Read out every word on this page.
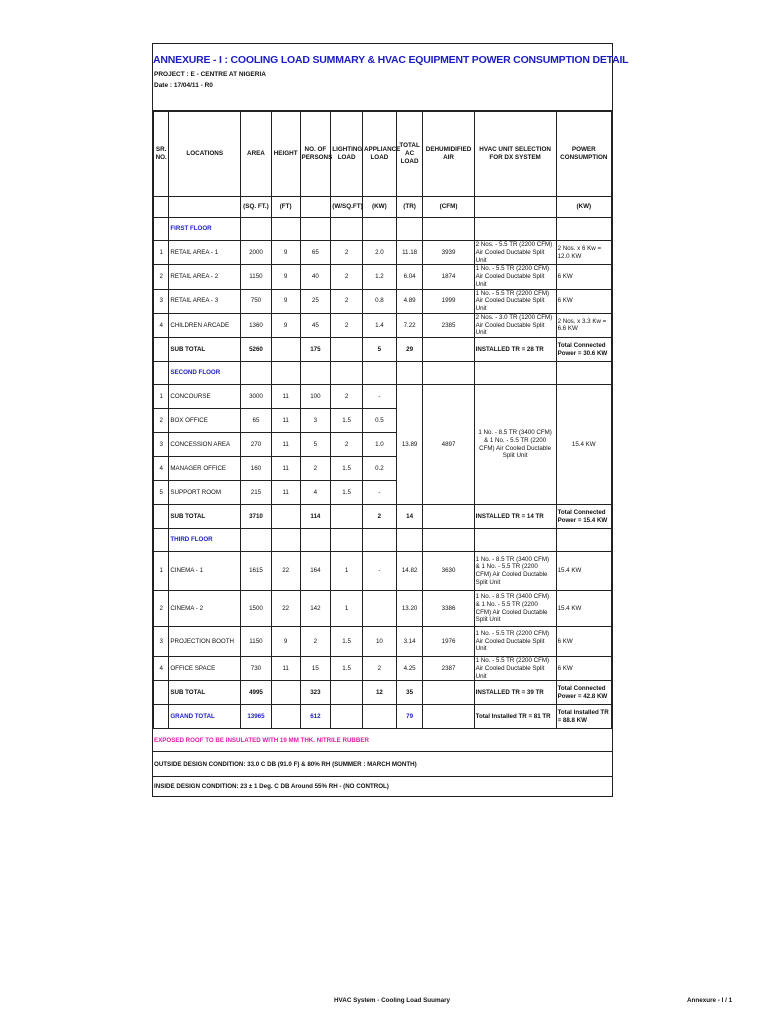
ANNEXURE - I : COOLING LOAD SUMMARY & HVAC EQUIPMENT POWER CONSUMPTION DETAIL
PROJECT : E - CENTRE AT NIGERIA
Date : 17/04/11 - R0
SR. NO.	LOCATIONS	AREA	HEIGHT	NO. OF PERSONS	LIGHTING LOAD	APPLIANCE LOAD	TOTAL AC LOAD	DEHUMIDIFIED AIR	HVAC UNIT SELECTION FOR DX SYSTEM	POWER CONSUMPTION
		(SQ. FT.)	(FT)		(W/SQ.FT)	(KW)	(TR)	(CFM)		(KW)
	FIRST FLOOR									
1	RETAIL AREA - 1	2000	9	65	2	2.0	11.18	3939	2 Nos. - 5.5 TR (2200 CFM) Air Cooled Ductable Split Unit	2 Nos. x 6 Kw = 12.0 KW
2	RETAIL AREA - 2	1150	9	40	2	1.2	6.04	1874	1 No. - 5.5 TR (2200 CFM) Air Cooled Ductable Split Unit	6 KW
3	RETAIL AREA - 3	750	9	25	2	0.8	4.89	1999	1 No. - 5.5 TR (2200 CFM) Air Cooled Ductable Split Unit	6 KW
4	CHILDREN ARCADE	1360	9	45	2	1.4	7.22	2385	2 Nos. - 3.0 TR (1200 CFM) Air Cooled Ductable Split Unit	2 Nos. x 3.3 Kw = 6.6 KW
	SUB TOTAL	5260		175		5	29		INSTALLED TR = 28 TR	Total Connected Power = 30.6 KW
	SECOND FLOOR									
1	CONCOURSE	3000	11	100	2	-	13.89	4897	1 No. - 8.5 TR (3400 CFM) & 1 No. - 5.5 TR (2200 CFM) Air Cooled Ductable Split Unit	15.4 KW
2	BOX OFFICE	65	11	3	1.5	0.5				
3	CONCESSION AREA	270	11	5	2	1.0				
4	MANAGER OFFICE	160	11	2	1.5	0.2				
5	SUPPORT ROOM	215	11	4	1.5	-				
	SUB TOTAL	3710		114		2	14		INSTALLED TR = 14 TR	Total Connected Power = 15.4 KW
	THIRD FLOOR									
1	CINEMA - 1	1615	22	164	1	-	14.82	3630	1 No. - 8.5 TR (3400 CFM) & 1 No. - 5.5 TR (2200 CFM) Air Cooled Ductable Split Unit	15.4 KW
2	CINEMA - 2	1500	22	142	1		13.20	3386	1 No. - 8.5 TR (3400 CFM) & 1 No. - 5.5 TR (2200 CFM) Air Cooled Ductable Split Unit	15.4 KW
3	PROJECTION BOOTH	1150	9	2	1.5	10	3.14	1976	1 No. - 5.5 TR (2200 CFM) Air Cooled Ductable Split Unit	6 KW
4	OFFICE SPACE	730	11	15	1.5	2	4.25	2387	1 No. - 5.5 TR (2200 CFM) Air Cooled Ductable Split Unit	6 KW
	SUB TOTAL	4995		323		12	35		INSTALLED TR = 39 TR	Total Connected Power = 42.8 KW
	GRAND TOTAL	13965		612			79		Total Installed TR = 81 TR	Total Installed TR = 88.8 KW
EXPOSED ROOF TO BE INSULATED WITH 19 MM THK. NITRILE RUBBER
OUTSIDE DESIGN CONDITION: 33.0 C DB (91.0 F) & 80% RH (SUMMER : MARCH MONTH)
INSIDE DESIGN CONDITION: 23 ± 1 Deg. C DB Around 55% RH - (NO CONTROL)
HVAC System - Cooling Load Suumary	Annexure - I / 1
